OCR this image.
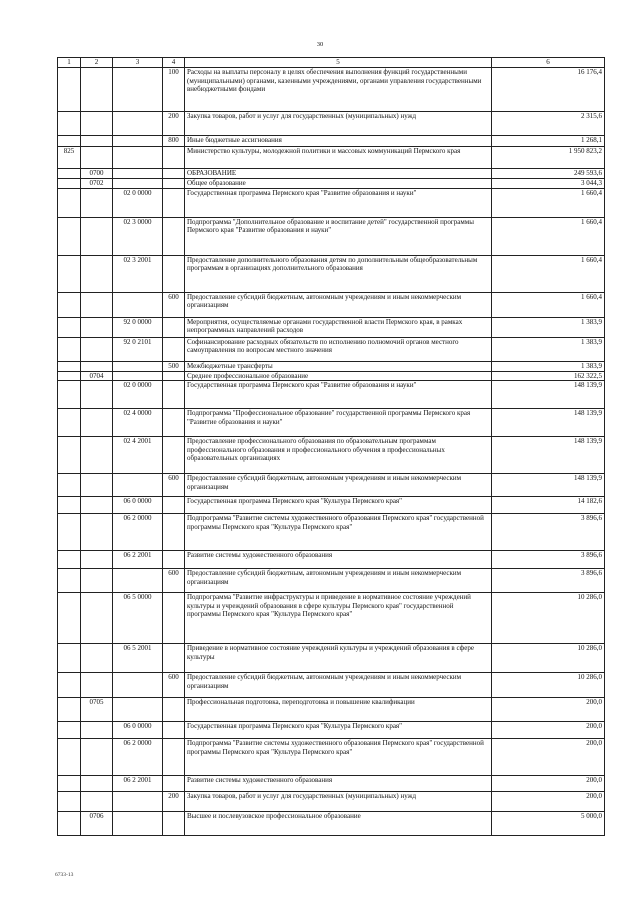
30
1	2	3	4	5	6
			100	Расходы на выплаты персоналу в целях обеспечения выполнения функций государственными (муниципальными) органами, казенными учреждениями, органами управления государственными внебюджетными фондами	16 176,4
			200	Закупка товаров, работ и услуг для государственных (муниципальных) нужд	2 315,6
			800	Иные бюджетные ассигнования	1 268,1
825				Министерство культуры, молодежной политики и массовых коммуникаций Пермского края	1 950 823,2
	0700			ОБРАЗОВАНИЕ	249 593,6
	0702			Общее образование	3 044,3
		02 0 0000		Государственная программа Пермского края "Развитие образования и науки"	1 660,4
		02 3 0000		Подпрограмма "Дополнительное образование и воспитание детей" государственной программы Пермского края "Развитие образования и науки"	1 660,4
		02 3 2001		Предоставление дополнительного образования детям по дополнительным общеобразовательным программам в организациях дополнительного образования	1 660,4
			600	Предоставление субсидий бюджетным, автономным учреждениям и иным некоммерческим организациям	1 660,4
		92 0 0000		Мероприятия, осуществляемые органами государственной власти Пермского края, в рамках непрограммных направлений расходов	1 383,9
		92 0 2101		Софинансирование расходных обязательств по исполнению полномочий органов местного самоуправления по вопросам местного значения	1 383,9
			500	Межбюджетные трансферты	1 383,9
	0704			Среднее профессиональное образование	162 322,5
		02 0 0000		Государственная программа Пермского края "Развитие образования и науки"	148 139,9
		02 4 0000		Подпрограмма "Профессиональное образование" государственной программы Пермского края "Развитие образования и науки"	148 139,9
		02 4 2001		Предоставление профессионального образования по образовательным программам профессионального образования и профессионального обучения в профессиональных образовательных организациях	148 139,9
			600	Предоставление субсидий бюджетным, автономным учреждениям и иным некоммерческим организациям	148 139,9
		06 0 0000		Государственная программа Пермского края "Культура Пермского края"	14 182,6
		06 2 0000		Подпрограмма "Развитие системы художественного образования Пермского края" государственной программы Пермского края "Культура Пермского края"	3 896,6
		06 2 2001		Развитие системы художественного образования	3 896,6
			600	Предоставление субсидий бюджетным, автономным учреждениям и иным некоммерческим организациям	3 896,6
		06 5 0000		Подпрограмма "Развитие инфраструктуры и приведение в нормативное состояние учреждений культуры и учреждений образования в сфере культуры Пермского края" государственной программы Пермского края "Культура Пермского края"	10 286,0
		06 5 2001		Приведение в нормативное состояние учреждений культуры и учреждений образования в сфере культуры	10 286,0
			600	Предоставление субсидий бюджетным, автономным учреждениям и иным некоммерческим организациям	10 286,0
	0705			Профессиональная подготовка, переподготовка и повышение квалификации	200,0
		06 0 0000		Государственная программа Пермского края "Культура Пермского края"	200,0
		06 2 0000		Подпрограмма "Развитие системы художественного образования Пермского края" государственной программы Пермского края "Культура Пермского края"	200,0
		06 2 2001		Развитие системы художественного образования	200,0
			200	Закупка товаров, работ и услуг для государственных (муниципальных) нужд	200,0
	0706			Высшее и послевузовское профессиональное образование	5 000,0
6733-13
